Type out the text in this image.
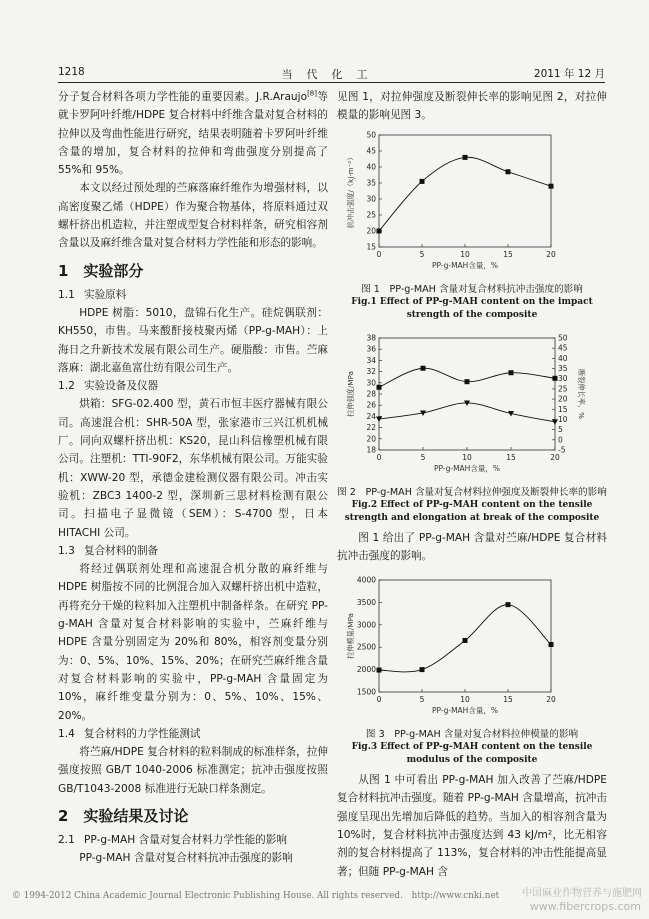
1218	当代化工	2011 年 12 月

分子复合材料各项力学性能的重要因素。J.R.Araujo[8]等就卡罗阿叶纤维/HDPE 复合材料中纤维含量对复合材料的拉伸以及弯曲性能进行研究，结果表明随着卡罗阿叶纤维含量的增加，复合材料的拉伸和弯曲强度分别提高了 55%和 95%。

本文以经过预处理的苎麻落麻纤维作为增强材料，以高密度聚乙烯（HDPE）作为聚合物基体，将原料通过双螺杆挤出机造粒，并注塑成型复合材料样条，研究相容剂含量以及麻纤维含量对复合材料力学性能和形态的影响。

1　实验部分

1.1 实验原料

HDPE 树脂：5010，盘锦石化生产。硅烷偶联剂：KH550，市售。马来酸酐接枝聚丙烯（PP-g-MAH）：上海日之升新技术发展有限公司生产。硬脂酸：市售。苎麻落麻：湖北嘉鱼富仕纺有限公司生产。

1.2 实验设备及仪器

烘箱：SFG-02.400 型，黄石市恒丰医疗器械有限公司。高速混合机：SHR-50A 型，张家港市三兴江机机械厂。同向双螺杆挤出机：KS20，昆山科信橡塑机械有限公司。注塑机：TTI-90F2，东华机械有限公司。万能实验机：XWW-20 型，承德金建检测仪器有限公司。冲击实验机：ZBC3 1400-2 型，深圳新三思材料检测有限公司。扫描电子显微镜（SEM）：S-4700 型，日本 HITACHI 公司。

1.3 复合材料的制备

将经过偶联剂处理和高速混合机分散的麻纤维与 HDPE 树脂按不同的比例混合加入双螺杆挤出机中造粒，再将充分干燥的粒料加入注塑机中制备样条。在研究 PP-g-MAH 含量对复合材料影响的实验中，苎麻纤维与 HDPE 含量分别固定为 20%和 80%，相容剂变量分别为：0、5%、10%、15%、20%；在研究苎麻纤维含量对复合材料影响的实验中，PP-g-MAH 含量固定为 10%，麻纤维变量分别为：0、5%、10%、15%、20%。

1.4 复合材料的力学性能测试

将苎麻/HDPE 复合材料的粒料制成的标准样条，拉伸强度按照 GB/T 1040-2006 标准测定；抗冲击强度按照 GB/T1043-2008 标准进行无缺口样条测定。

2　实验结果及讨论

2.1 PP-g-MAH 含量对复合材料力学性能的影响

PP-g-MAH 含量对复合材料抗冲击强度的影响

见图 1，对拉伸强度及断裂伸长率的影响见图 2，对拉伸模量的影响见图 3。

0	5	10	15	20
15
20
25
30
35
40
45
50
PP-g-MAH含量，%
抗冲击强度/（kJ·m⁻²）
图 1　PP-g-MAH 含量对复合材料抗冲击强度的影响
Fig.1 Effect of PP-g-MAH content on the impact strength of the composite
0	5	10	15	20
18
20
22
24
26
28
30
32
34
36
38
-5
0
5
10
15
20
25
30
35
40
45
50
PP-g-MAH含量，%
拉伸强度/MPa	断裂伸长率，%
图 2　PP-g-MAH 含量对复合材料拉伸强度及断裂伸长率的影响
Fig.2 Effect of PP-g-MAH content on the tensile strength and elongation at break of the composite

图 1 给出了 PP-g-MAH 含量对苎麻/HDPE 复合材料抗冲击强度的影响。

0	5	10	15	20
1500
2000
2500
3000
3500
4000
PP-g-MAH含量，%
拉伸模量/MPa
图 3　PP-g-MAH 含量对复合材料拉伸模量的影响
Fig.3 Effect of PP-g-MAH content on the tensile modulus of the composite

从图 1 中可看出 PP-g-MAH 加入改善了苎麻/HDPE 复合材料抗冲击强度。随着 PP-g-MAH 含量增高，抗冲击强度呈现出先增加后降低的趋势。当加入的相容剂含量为 10%时，复合材料抗冲击强度达到 43 kJ/m²，比无相容剂的复合材料提高了 113%，复合材料的冲击性能提高显著；但随 PP-g-MAH 含

© 1994-2012 China Academic Journal Electronic Publishing House. All rights reserved.　http://www.cnki.net 中国麻业作物营养与施肥网
www.fibercrops.com
